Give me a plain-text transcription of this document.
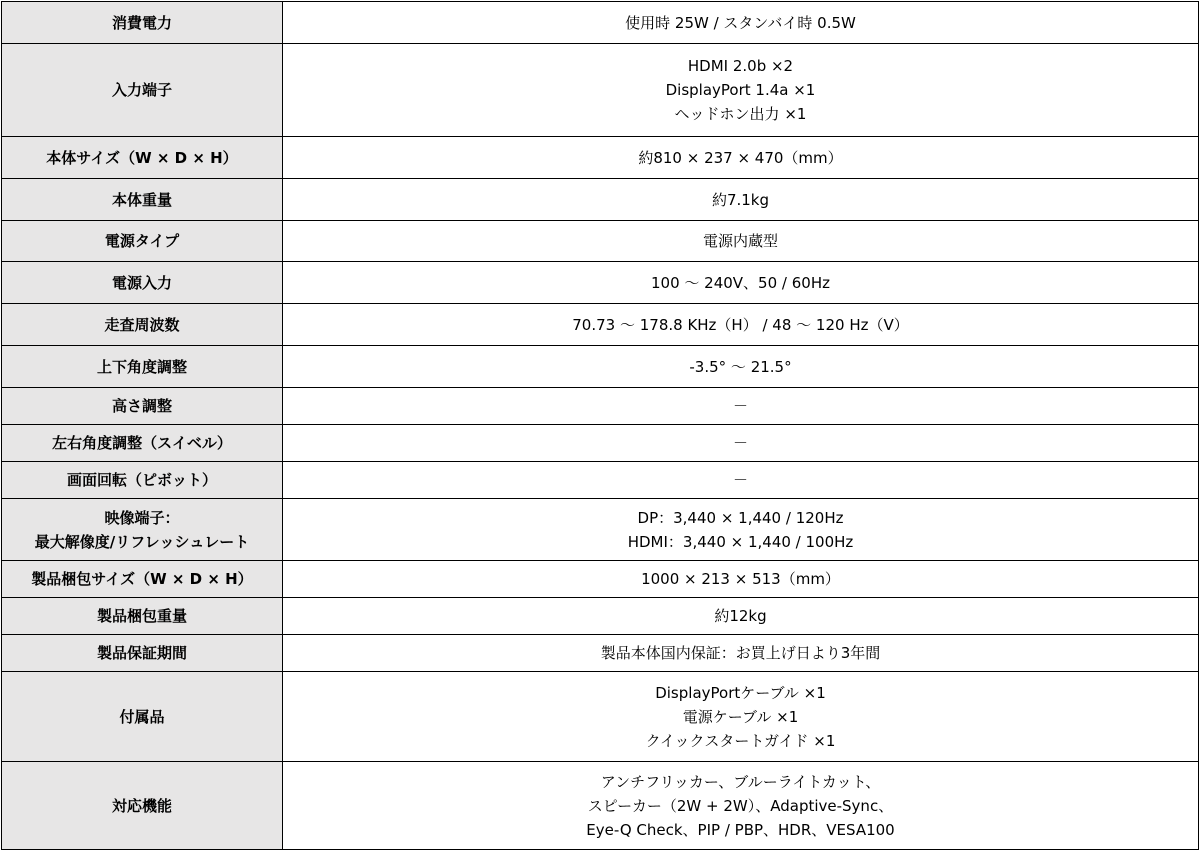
消費電力	使用時 25W / スタンバイ時 0.5W

入力端子	HDMI 2.0b ×2
DisplayPort 1.4a ×1
ヘッドホン出力 ×1

本体サイズ（W × D × H）	約810 × 237 × 470（mm）

本体重量	約7.1kg

電源タイプ	電源内蔵型

電源入力	100 ～ 240V、50 / 60Hz

走査周波数	70.73 ～ 178.8 KHz（H） / 48 ～ 120 Hz（V）

上下角度調整	-3.5° ～ 21.5°

高さ調整	－

左右角度調整（スイベル）	－

画面回転（ピボット）	－

映像端子：
最大解像度/リフレッシュレート	DP：3,440 × 1,440 / 120Hz
HDMI：3,440 × 1,440 / 100Hz

製品梱包サイズ（W × D × H）	1000 × 213 × 513（mm）

製品梱包重量	約12kg

製品保証期間	製品本体国内保証：お買上げ日より3年間

付属品	DisplayPortケーブル ×1
電源ケーブル ×1
クイックスタートガイド ×1

対応機能	アンチフリッカー、ブルーライトカット、
スピーカー（2W + 2W）、Adaptive-Sync、
Eye-Q Check、PIP / PBP、HDR、VESA100
